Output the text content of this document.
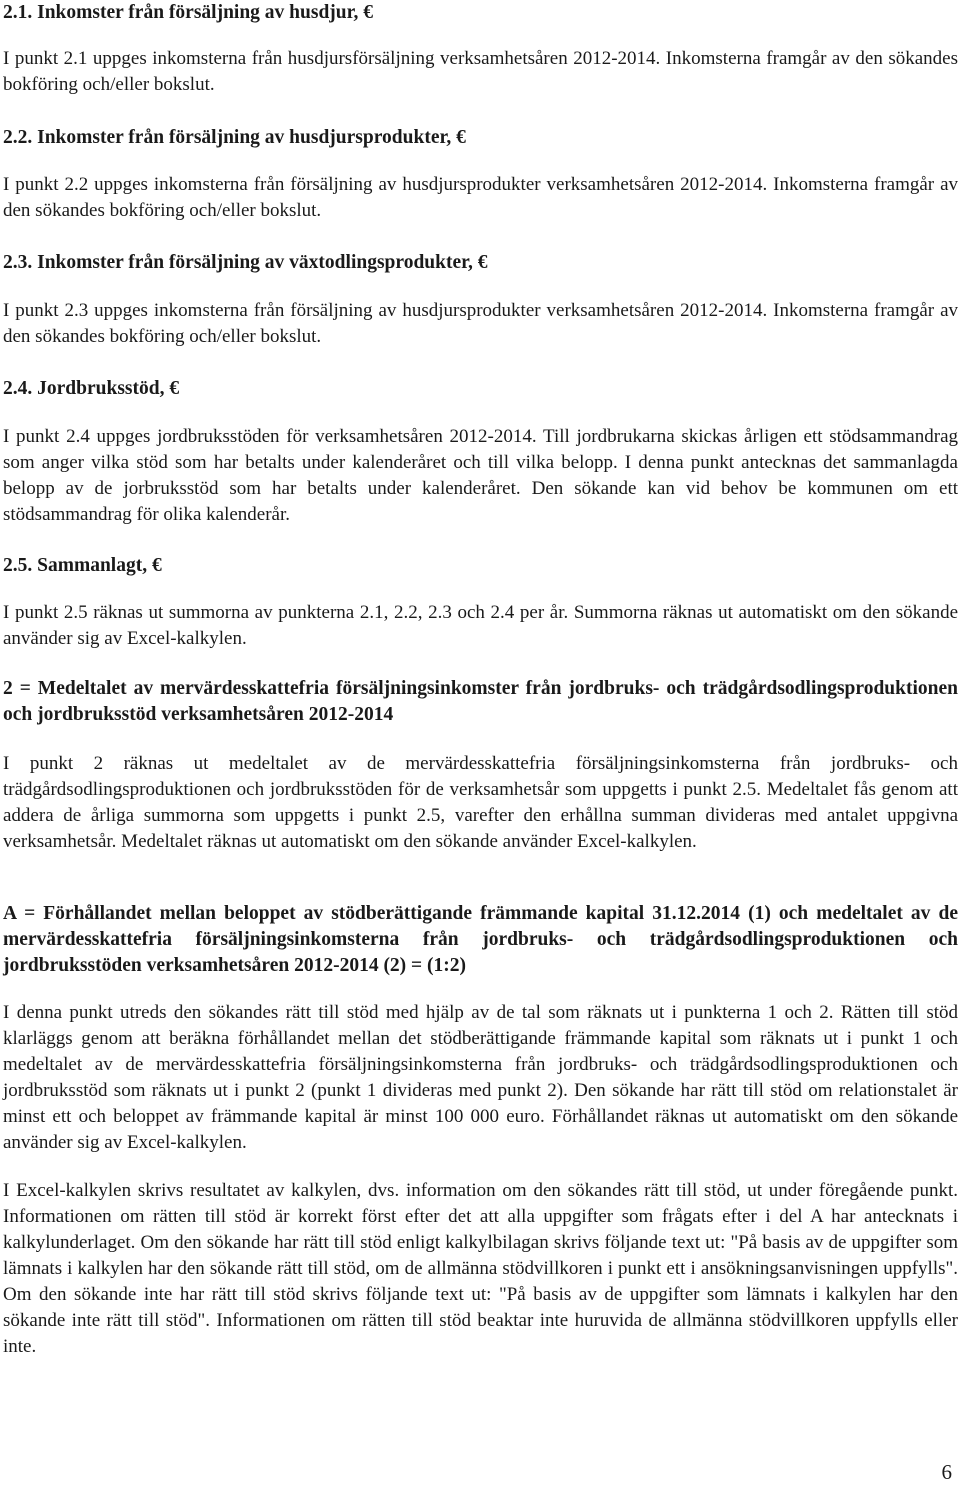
2.1. Inkomster från försäljning av husdjur, €
I punkt 2.1 uppges inkomsterna från husdjursförsäljning verksamhetsåren 2012-2014. Inkomsterna framgår av den sökandes bokföring och/eller bokslut.
2.2. Inkomster från försäljning av husdjursprodukter, €
I punkt 2.2 uppges inkomsterna från försäljning av husdjursprodukter verksamhetsåren 2012-2014. Inkomsterna framgår av den sökandes bokföring och/eller bokslut.
2.3. Inkomster från försäljning av växtodlingsprodukter, €
I punkt 2.3 uppges inkomsterna från försäljning av husdjursprodukter verksamhetsåren 2012-2014. Inkomsterna framgår av den sökandes bokföring och/eller bokslut.
2.4. Jordbruksstöd, €
I punkt 2.4 uppges jordbruksstöden för verksamhetsåren 2012-2014. Till jordbrukarna skickas årligen ett stödsammandrag som anger vilka stöd som har betalts under kalenderåret och till vilka belopp. I denna punkt antecknas det sammanlagda belopp av de jorbruksstöd som har betalts under kalenderåret. Den sökande kan vid behov be kommunen om ett stödsammandrag för olika kalenderår.
2.5. Sammanlagt, €
I punkt 2.5 räknas ut summorna av punkterna 2.1, 2.2, 2.3 och 2.4 per år. Summorna räknas ut automatiskt om den sökande använder sig av Excel-kalkylen.
2 = Medeltalet av mervärdesskattefria försäljningsinkomster från jordbruks- och trädgårdsodlingsproduktionen och jordbruksstöd verksamhetsåren 2012-2014
I punkt 2 räknas ut medeltalet av de mervärdesskattefria försäljningsinkomsterna från jordbruks- och trädgårdsodlingsproduktionen och jordbruksstöden för de verksamhetsår som uppgetts i punkt 2.5. Medeltalet fås genom att addera de årliga summorna som uppgetts i punkt 2.5, varefter den erhållna summan divideras med antalet uppgivna verksamhetsår. Medeltalet räknas ut automatiskt om den sökande använder Excel-kalkylen.
A = Förhållandet mellan beloppet av stödberättigande främmande kapital 31.12.2014 (1) och medeltalet av de mervärdesskattefria försäljningsinkomsterna från jordbruks- och trädgårdsodlingsproduktionen och jordbruksstöden verksamhetsåren 2012-2014 (2) = (1:2)
I denna punkt utreds den sökandes rätt till stöd med hjälp av de tal som räknats ut i punkterna 1 och 2. Rätten till stöd klarläggs genom att beräkna förhållandet mellan det stödberättigande främmande kapital som räknats ut i punkt 1 och medeltalet av de mervärdesskattefria försäljningsinkomsterna från jordbruks- och trädgårdsodlingsproduktionen och jordbruksstöd som räknats ut i punkt 2 (punkt 1 divideras med punkt 2). Den sökande har rätt till stöd om relationstalet är minst ett och beloppet av främmande kapital är minst 100 000 euro. Förhållandet räknas ut automatiskt om den sökande använder sig av Excel-kalkylen.
I Excel-kalkylen skrivs resultatet av kalkylen, dvs. information om den sökandes rätt till stöd, ut under föregående punkt. Informationen om rätten till stöd är korrekt först efter det att alla uppgifter som frågats efter i del A har antecknats i kalkylunderlaget. Om den sökande har rätt till stöd enligt kalkylbilagan skrivs följande text ut: "På basis av de uppgifter som lämnats i kalkylen har den sökande rätt till stöd, om de allmänna stödvillkoren i punkt ett i ansökningsanvisningen uppfylls". Om den sökande inte har rätt till stöd skrivs följande text ut: "På basis av de uppgifter som lämnats i kalkylen har den sökande inte rätt till stöd". Informationen om rätten till stöd beaktar inte huruvida de allmänna stödvillkoren uppfylls eller inte.
6
